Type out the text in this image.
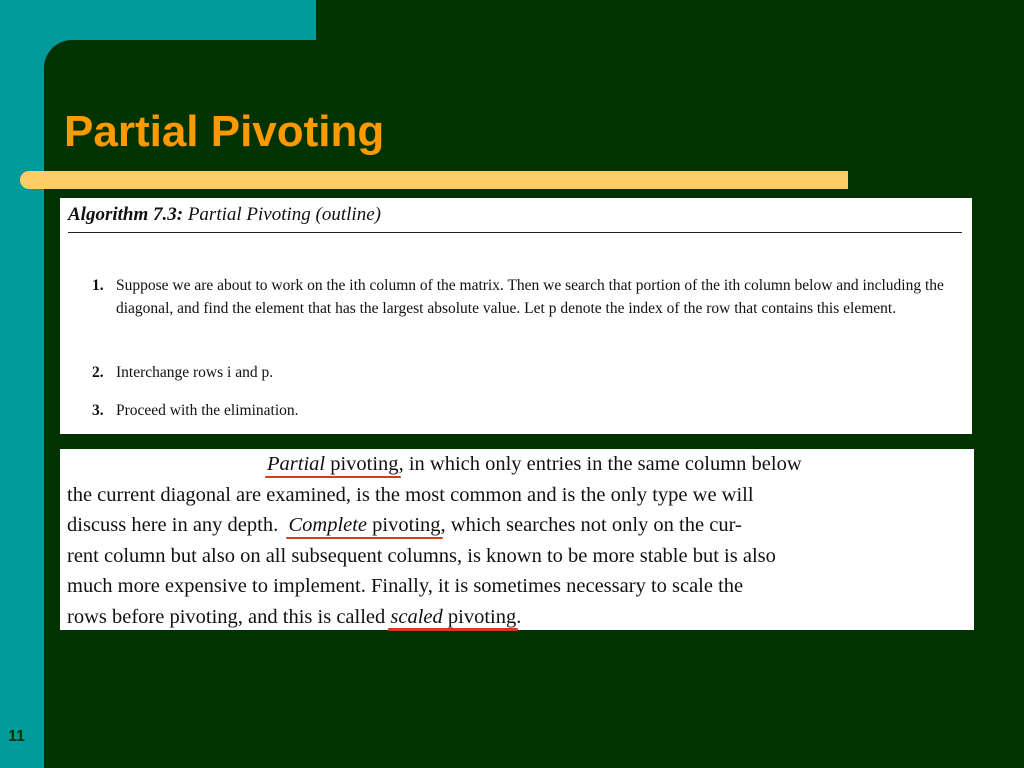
Partial Pivoting
Algorithm 7.3: Partial Pivoting (outline)
1. Suppose we are about to work on the ith column of the matrix. Then we search that portion of the ith column below and including the diagonal, and find the element that has the largest absolute value. Let p denote the index of the row that contains this element.
2. Interchange rows i and p.
3. Proceed with the elimination.
Partial pivoting, in which only entries in the same column below
the current diagonal are examined, is the most common and is the only type we will
discuss here in any depth. Complete pivoting, which searches not only on the cur-
rent column but also on all subsequent columns, is known to be more stable but is also
much more expensive to implement. Finally, it is sometimes necessary to scale the
rows before pivoting, and this is called scaled pivoting.
11
